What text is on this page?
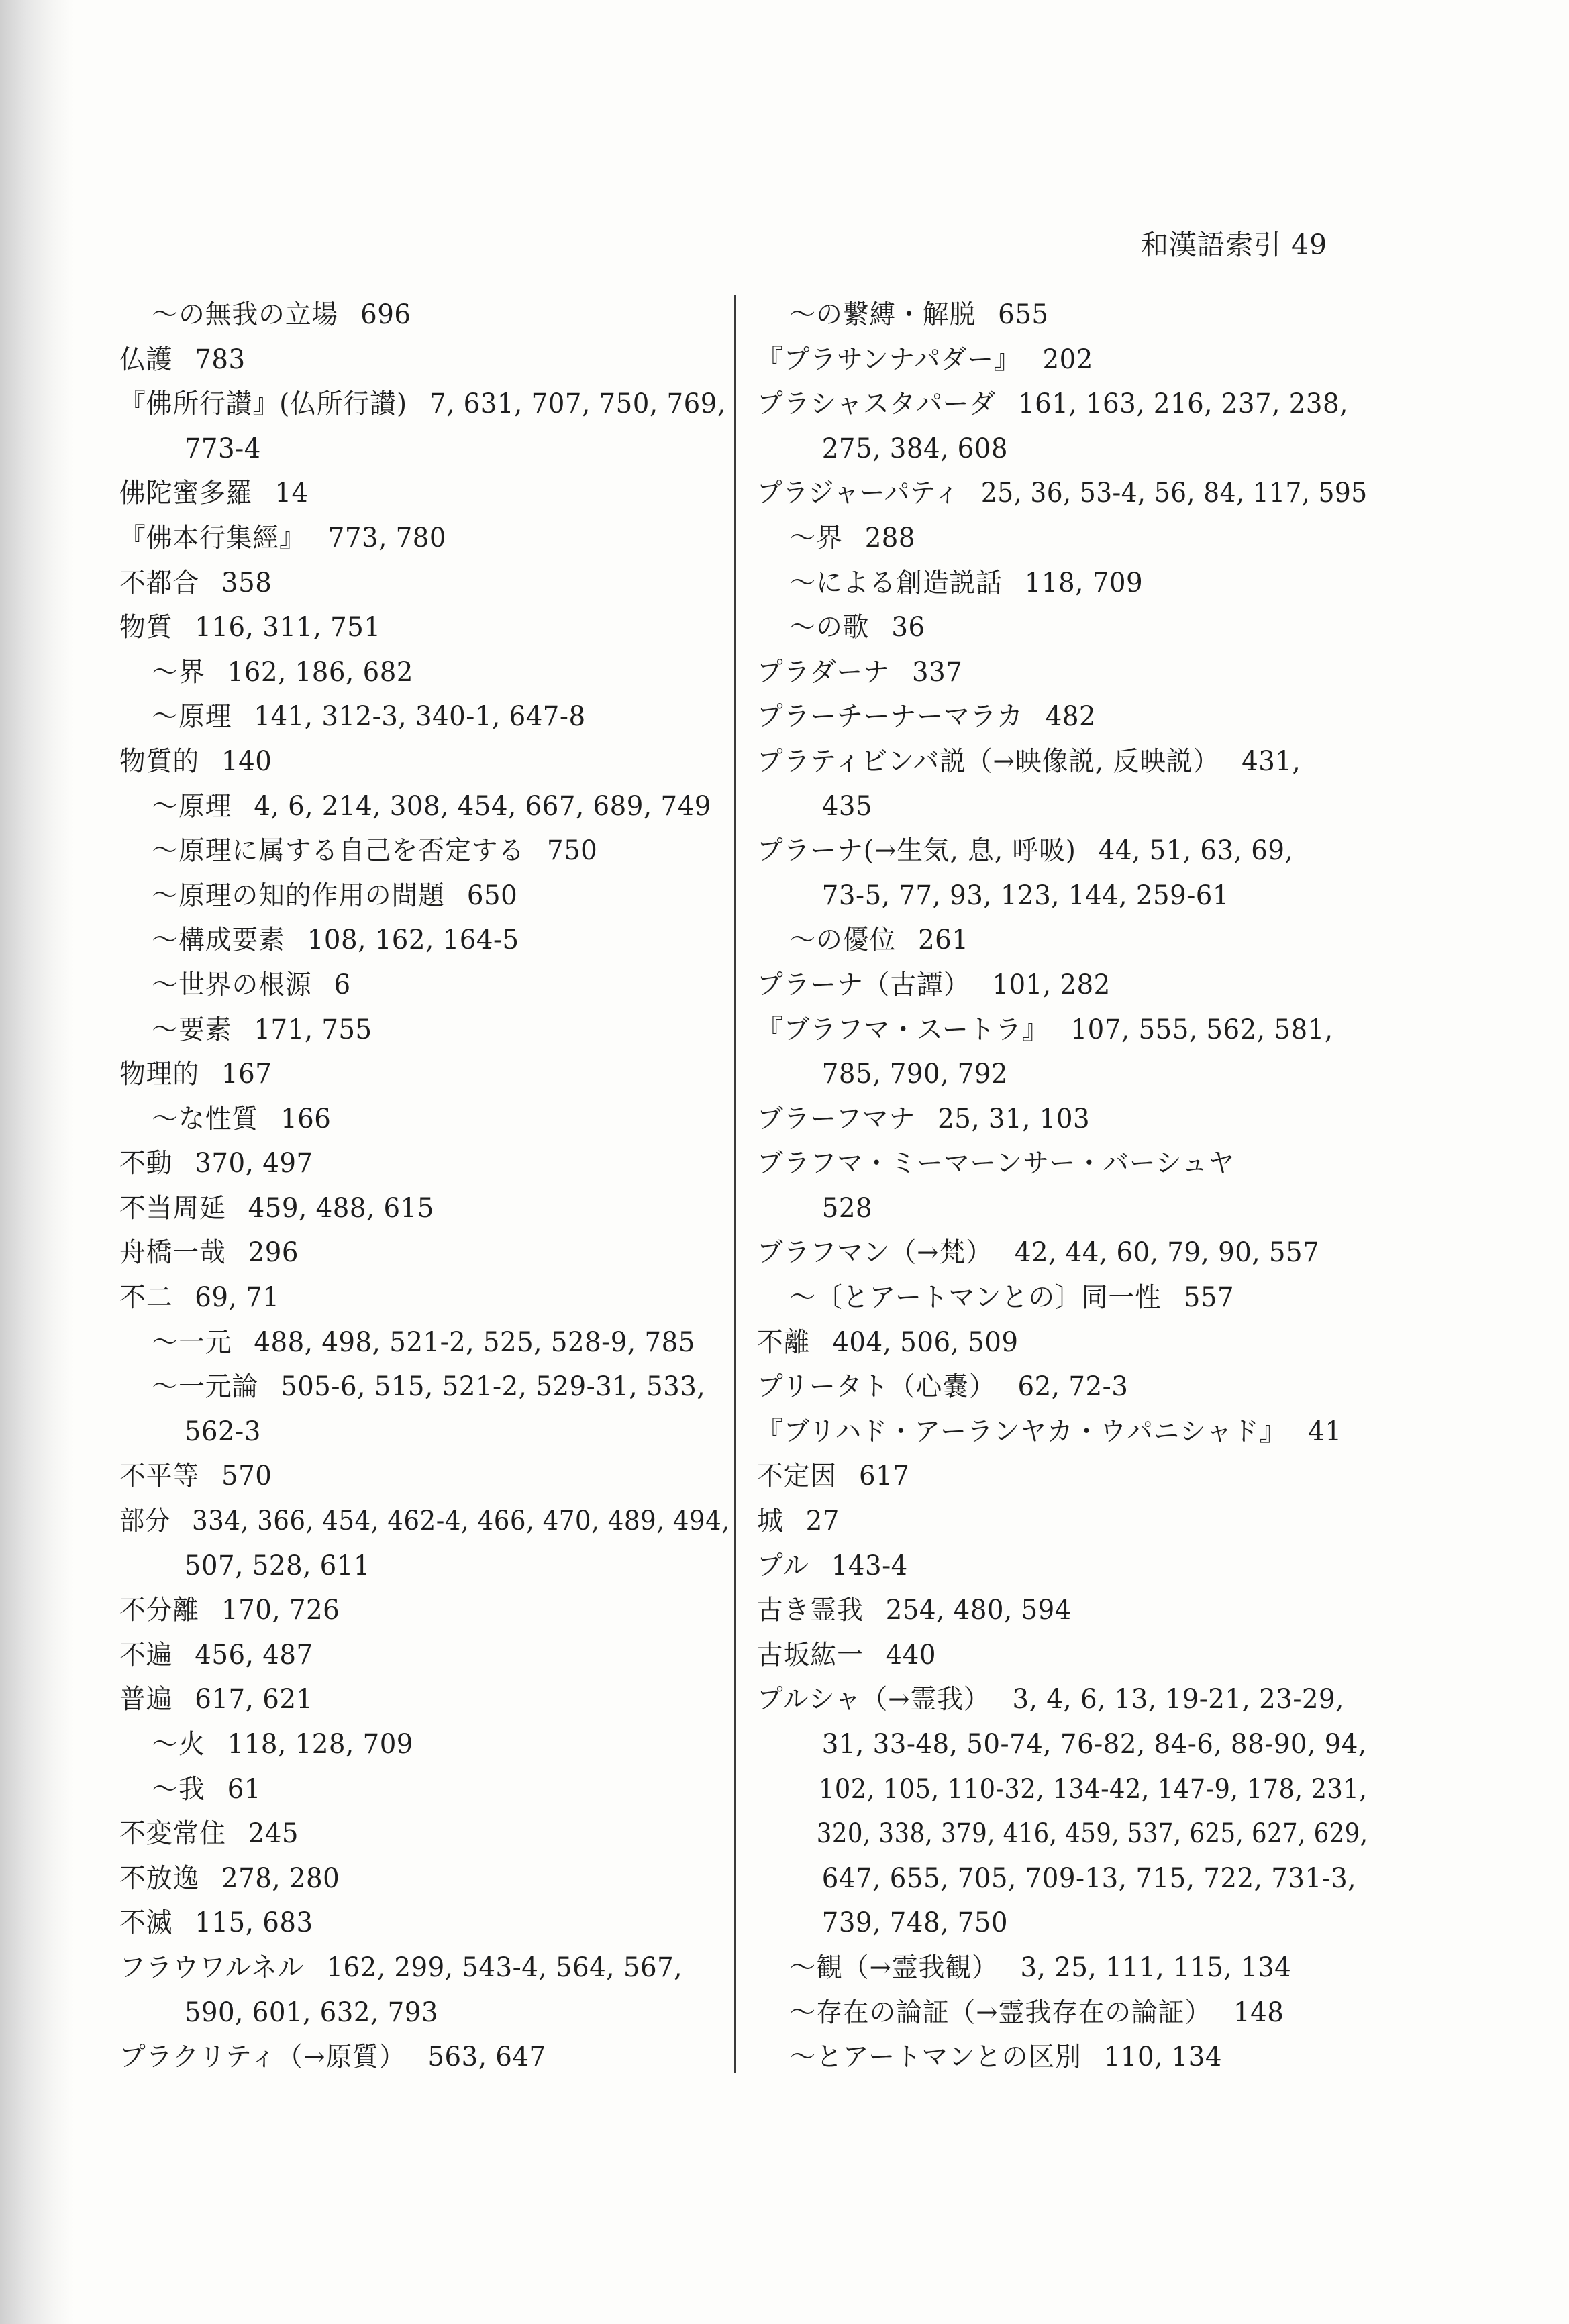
和漢語索引 49
～の無我の立場 696
仏護 783
『佛所行讃』(仏所行讃) 7, 631, 707, 750, 769,
773-4
佛陀蜜多羅 14
『佛本行集經』 773, 780
不都合 358
物質 116, 311, 751
～界 162, 186, 682
～原理 141, 312-3, 340-1, 647-8
物質的 140
～原理 4, 6, 214, 308, 454, 667, 689, 749
～原理に属する自己を否定する 750
～原理の知的作用の問題 650
～構成要素 108, 162, 164-5
～世界の根源 6
～要素 171, 755
物理的 167
～な性質 166
不動 370, 497
不当周延 459, 488, 615
舟橋一哉 296
不二 69, 71
～一元 488, 498, 521-2, 525, 528-9, 785
～一元論 505-6, 515, 521-2, 529-31, 533,
562-3
不平等 570
部分 334, 366, 454, 462-4, 466, 470, 489, 494,
507, 528, 611
不分離 170, 726
不遍 456, 487
普遍 617, 621
～火 118, 128, 709
～我 61
不変常住 245
不放逸 278, 280
不滅 115, 683
フラウワルネル 162, 299, 543-4, 564, 567,
590, 601, 632, 793
プラクリティ（→原質） 563, 647
～の繋縛・解脱 655
『プラサンナパダー』 202
プラシャスタパーダ 161, 163, 216, 237, 238,
275, 384, 608
プラジャーパティ 25, 36, 53-4, 56, 84, 117, 595
～界 288
～による創造説話 118, 709
～の歌 36
プラダーナ 337
プラーチーナーマラカ 482
プラティビンバ説（→映像説, 反映説） 431,
435
プラーナ(→生気, 息, 呼吸) 44, 51, 63, 69,
73-5, 77, 93, 123, 144, 259-61
～の優位 261
プラーナ（古譚） 101, 282
『ブラフマ・スートラ』 107, 555, 562, 581,
785, 790, 792
ブラーフマナ 25, 31, 103
ブラフマ・ミーマーンサー・バーシュヤ
528
ブラフマン（→梵） 42, 44, 60, 79, 90, 557
～〔とアートマンとの〕同一性 557
不離 404, 506, 509
プリータト（心嚢） 62, 72-3
『ブリハド・アーランヤカ・ウパニシャド』 41
不定因 617
城 27
プル 143-4
古き霊我 254, 480, 594
古坂紘一 440
プルシャ（→霊我） 3, 4, 6, 13, 19-21, 23-29,
31, 33-48, 50-74, 76-82, 84-6, 88-90, 94,
102, 105, 110-32, 134-42, 147-9, 178, 231,
320, 338, 379, 416, 459, 537, 625, 627, 629,
647, 655, 705, 709-13, 715, 722, 731-3,
739, 748, 750
～観（→霊我観） 3, 25, 111, 115, 134
～存在の論証（→霊我存在の論証） 148
～とアートマンとの区別 110, 134
